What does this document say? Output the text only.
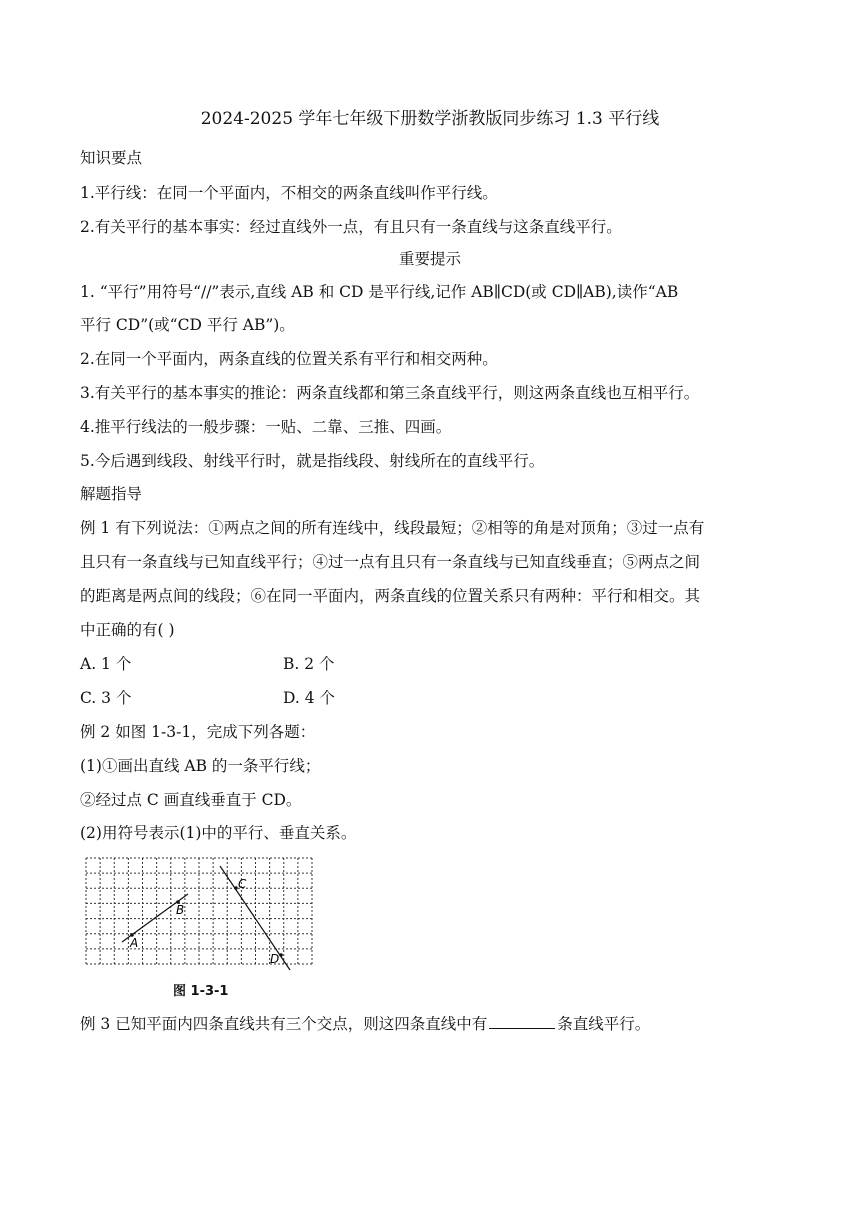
2024-2025 学年七年级下册数学浙教版同步练习 1.3 平行线
知识要点
1.平行线：在同一个平面内，不相交的两条直线叫作平行线。
2.有关平行的基本事实：经过直线外一点，有且只有一条直线与这条直线平行。
重要提示
1. “平行”用符号“//”表示,直线 AB 和 CD 是平行线,记作 AB∥CD(或 CD∥AB),读作“AB
平行 CD”(或“CD 平行 AB”)。
2.在同一个平面内，两条直线的位置关系有平行和相交两种。
3.有关平行的基本事实的推论：两条直线都和第三条直线平行，则这两条直线也互相平行。
4.推平行线法的一般步骤：一贴、二靠、三推、四画。
5.今后遇到线段、射线平行时，就是指线段、射线所在的直线平行。
解题指导
例 1 有下列说法：①两点之间的所有连线中，线段最短；②相等的角是对顶角；③过一点有
且只有一条直线与已知直线平行；④过一点有且只有一条直线与已知直线垂直；⑤两点之间
的距离是两点间的线段；⑥在同一平面内，两条直线的位置关系只有两种：平行和相交。其
中正确的有( )
A. 1 个	B. 2 个
C. 3 个	D. 4 个
例 2 如图 1-3-1，完成下列各题：
(1)①画出直线 AB 的一条平行线；
②经过点 C 画直线垂直于 CD。
(2)用符号表示(1)中的平行、垂直关系。
A
B
C
D
图 1-3-1
例 3 已知平面内四条直线共有三个交点，则这四条直线中有	条直线平行。
